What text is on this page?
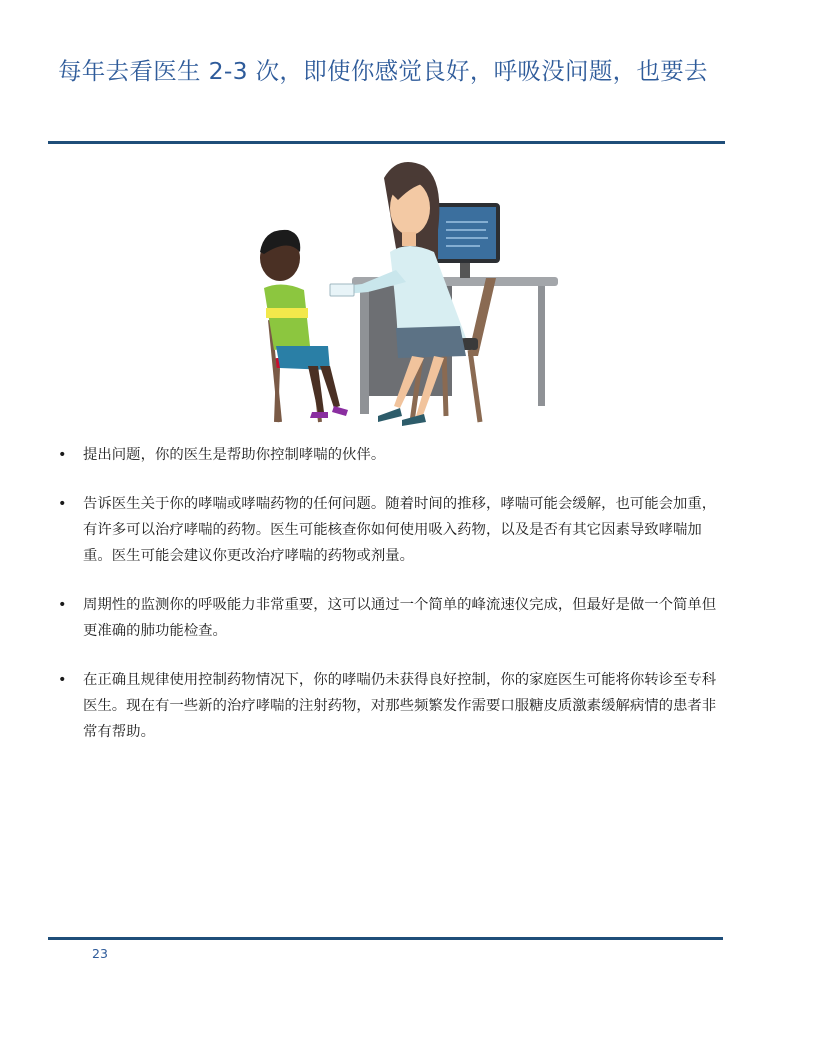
每年去看医生 2-3 次，即使你感觉良好，呼吸没问题，也要去
• 提出问题，你的医生是帮助你控制哮喘的伙伴。
• 告诉医生关于你的哮喘或哮喘药物的任何问题。随着时间的推移，哮喘可能会缓解，也可能会加重，有许多可以治疗哮喘的药物。医生可能核查你如何使用吸入药物，以及是否有其它因素导致哮喘加重。医生可能会建议你更改治疗哮喘的药物或剂量。
• 周期性的监测你的呼吸能力非常重要，这可以通过一个简单的峰流速仪完成，但最好是做一个简单但更准确的肺功能检查。
• 在正确且规律使用控制药物情况下，你的哮喘仍未获得良好控制，你的家庭医生可能将你转诊至专科医生。现在有一些新的治疗哮喘的注射药物，对那些频繁发作需要口服糖皮质激素缓解病情的患者非常有帮助。
23
